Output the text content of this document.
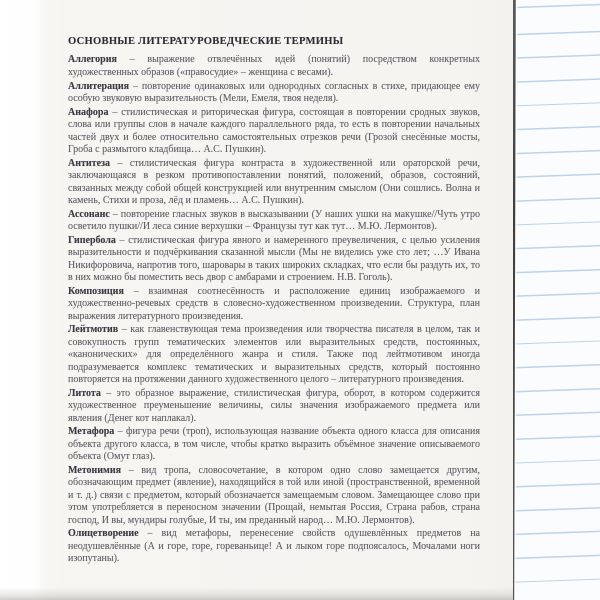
ОСНОВНЫЕ ЛИТЕРАТУРОВЕДЧЕСКИЕ ТЕРМИНЫ

Аллегория – выражение отвлечённых идей (понятий) посредством конкретных художественных образов («правосудие» – женщина с весами).

Аллитерация – повторение одинаковых или однородных согласных в стихе, придающее ему особую звуковую выразительность (Мели, Емеля, твоя неделя).

Анафора – стилистическая и риторическая фигура, состоящая в повторении сродных звуков, слова или группы слов в начале каждого параллельного ряда, то есть в повторении начальных частей двух и более относительно самостоятельных отрезков речи (Грозой снесённые мосты, Гроба с размытого кладбища… А.С. Пушкин).

Антитеза – стилистическая фигура контраста в художественной или ораторской речи, заключающаяся в резком противопоставлении понятий, положений, образов, состояний, связанных между собой общей конструкцией или внутренним смыслом (Они сошлись. Волна и камень, Стихи и проза, лёд и пламень… А.С. Пушкин).

Ассонанс – повторение гласных звуков в высказывании (У наших ушки на макушке//Чуть утро осветило пушки//И леса синие верхушки – Французы тут как тут… М.Ю. Лермонтов).

Гипербола – стилистическая фигура явного и намеренного преувеличения, с целью усиления выразительности и подчёркивания сказанной мысли (Мы не виделись уже сто лет; …У Ивана Никифоровича, напротив того, шаровары в таких широких складках, что если бы раздуть их, то в них можно бы поместить весь двор с амбарами и строением. Н.В. Гоголь).

Композиция – взаимная соотнесённость и расположение единиц изображаемого и художественно-речевых средств в словесно-художественном произведении. Структура, план выражения литературного произведения.

Лейтмотив – как главенствующая тема произведения или творчества писателя в целом, так и совокупность групп тематических элементов или выразительных средств, постоянных, «канонических» для определённого жанра и стиля. Также под лейтмотивом иногда подразумевается комплекс тематических и выразительных средств, который постоянно повторяется на протяжении данного художественного целого – литературного произведения.

Литота – это образное выражение, стилистическая фигура, оборот, в котором содержится художественное преуменьшение величины, силы значения изображаемого предмета или явления (Денег кот наплакал).

Метафора – фигура речи (троп), использующая название объекта одного класса для описания объекта другого класса, в том числе, чтобы кратко выразить объёмное значение описываемого объекта (Омут глаз).

Метонимия – вид тропа, словосочетание, в котором одно слово замещается другим, обозначающим предмет (явление), находящийся в той или иной (пространственной, временной и т. д.) связи с предметом, который обозначается замещаемым словом. Замещающее слово при этом употребляется в переносном значении (Прощай, немытая Россия, Страна рабов, страна господ, И вы, мундиры голубые, И ты, им преданный народ… М.Ю. Лермонтов).

Олицетворение – вид метафоры, перенесение свойств одушевлённых предметов на неодушевлённые (А и горе, горе, гореваньице! А и лыком горе подпоясалось, Мочалами ноги изопутаны).
